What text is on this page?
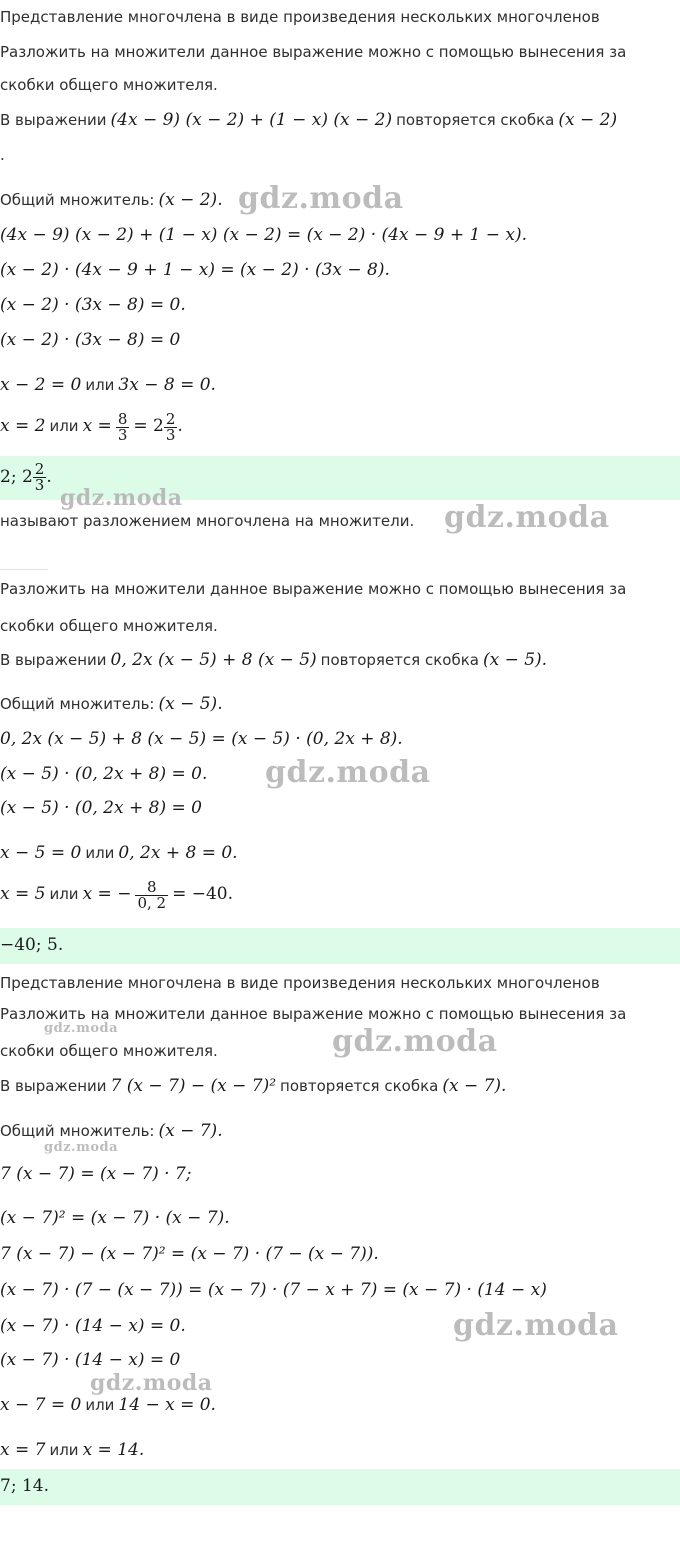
Представление многочлена в виде произведения нескольких многочленов
Разложить на множители данное выражение можно с помощью вынесения за
скобки общего множителя.
В выражении (4x − 9) (x − 2) + (1 − x) (x − 2) повторяется скобка (x − 2)
.
Общий множитель: (x − 2).
(4x − 9) (x − 2) + (1 − x) (x − 2) = (x − 2) · (4x − 9 + 1 − x).
(x − 2) · (4x − 9 + 1 − x) = (x − 2) · (3x − 8).
(x − 2) · (3x − 8) = 0.
(x − 2) · (3x − 8) = 0
x − 2 = 0 или 3x − 8 = 0.
x = 2 или $x = \frac{8}{3} = 2 \frac{2}{3}$ .
2; $2 \frac{2}{3}$ .
называют разложением многочлена на множители.
Разложить на множители данное выражение можно с помощью вынесения за
скобки общего множителя.
В выражении 0, 2x (x − 5) + 8 (x − 5) повторяется скобка (x − 5).
Общий множитель: (x − 5).
0, 2x (x − 5) + 8 (x − 5) = (x − 5) · (0, 2x + 8).
(x − 5) · (0, 2x + 8) = 0.
(x − 5) · (0, 2x + 8) = 0
x − 5 = 0 или 0, 2x + 8 = 0.
x = 5 или x = − $\frac{8}{0, 2} = -40$.
−40; 5.
Представление многочлена в виде произведения нескольких многочленов
Разложить на множители данное выражение можно с помощью вынесения за
скобки общего множителя.
В выражении 7 (x − 7) − (x − 7)² повторяется скобка (x − 7).
Общий множитель: (x − 7).
7 (x − 7) = (x − 7) · 7;
(x − 7)² = (x − 7) · (x − 7).
7 (x − 7) − (x − 7)² = (x − 7) · (7 − (x − 7)).
(x − 7) · (7 − (x − 7)) = (x − 7) · (7 − x + 7) = (x − 7) · (14 − x)
(x − 7) · (14 − x) = 0.
(x − 7) · (14 − x) = 0
x − 7 = 0 или 14 − x = 0.
x = 7 или x = 14.
7; 14.
gdz.moda
gdz.moda
gdz.moda
gdz.moda
gdz.moda	gdz.moda
gdz.moda
gdz.moda
gdz.moda
